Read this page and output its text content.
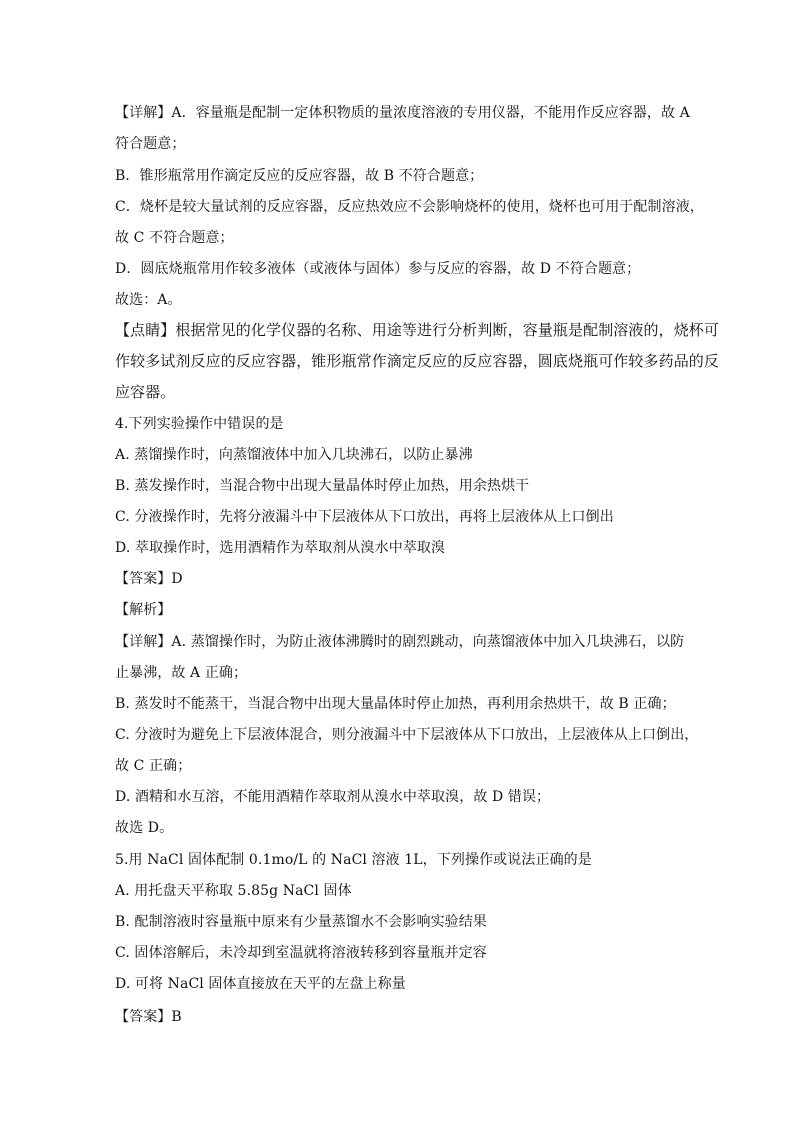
【详解】A．容量瓶是配制一定体积物质的量浓度溶液的专用仪器，不能用作反应容器，故 A
符合题意；
B．锥形瓶常用作滴定反应的反应容器，故 B 不符合题意；
C．烧杯是较大量试剂的反应容器，反应热效应不会影响烧杯的使用，烧杯也可用于配制溶液，
故 C 不符合题意；
D．圆底烧瓶常用作较多液体（或液体与固体）参与反应的容器，故 D 不符合题意；
故选：A。
【点睛】根据常见的化学仪器的名称、用途等进行分析判断，容量瓶是配制溶液的，烧杯可
作较多试剂反应的反应容器，锥形瓶常作滴定反应的反应容器，圆底烧瓶可作较多药品的反
应容器。
4.下列实验操作中错误的是
A. 蒸馏操作时，向蒸馏液体中加入几块沸石，以防止暴沸
B. 蒸发操作时，当混合物中出现大量晶体时停止加热，用余热烘干
C. 分液操作时，先将分液漏斗中下层液体从下口放出，再将上层液体从上口倒出
D. 萃取操作时，选用酒精作为萃取剂从溴水中萃取溴
【答案】D
【解析】
【详解】A. 蒸馏操作时，为防止液体沸腾时的剧烈跳动，向蒸馏液体中加入几块沸石，以防
止暴沸，故 A 正确；
B. 蒸发时不能蒸干，当混合物中出现大量晶体时停止加热，再利用余热烘干，故 B 正确；
C. 分液时为避免上下层液体混合，则分液漏斗中下层液体从下口放出，上层液体从上口倒出，
故 C 正确；
D. 酒精和水互溶，不能用酒精作萃取剂从溴水中萃取溴，故 D 错误；
故选 D。
5.用 NaCl 固体配制 0.1mo/L 的 NaCl 溶液 1L，下列操作或说法正确的是
A. 用托盘天平称取 5.85g NaCl 固体
B. 配制溶液时容量瓶中原来有少量蒸馏水不会影响实验结果
C. 固体溶解后，未冷却到室温就将溶液转移到容量瓶并定容
D. 可将 NaCl 固体直接放在天平的左盘上称量
【答案】B
